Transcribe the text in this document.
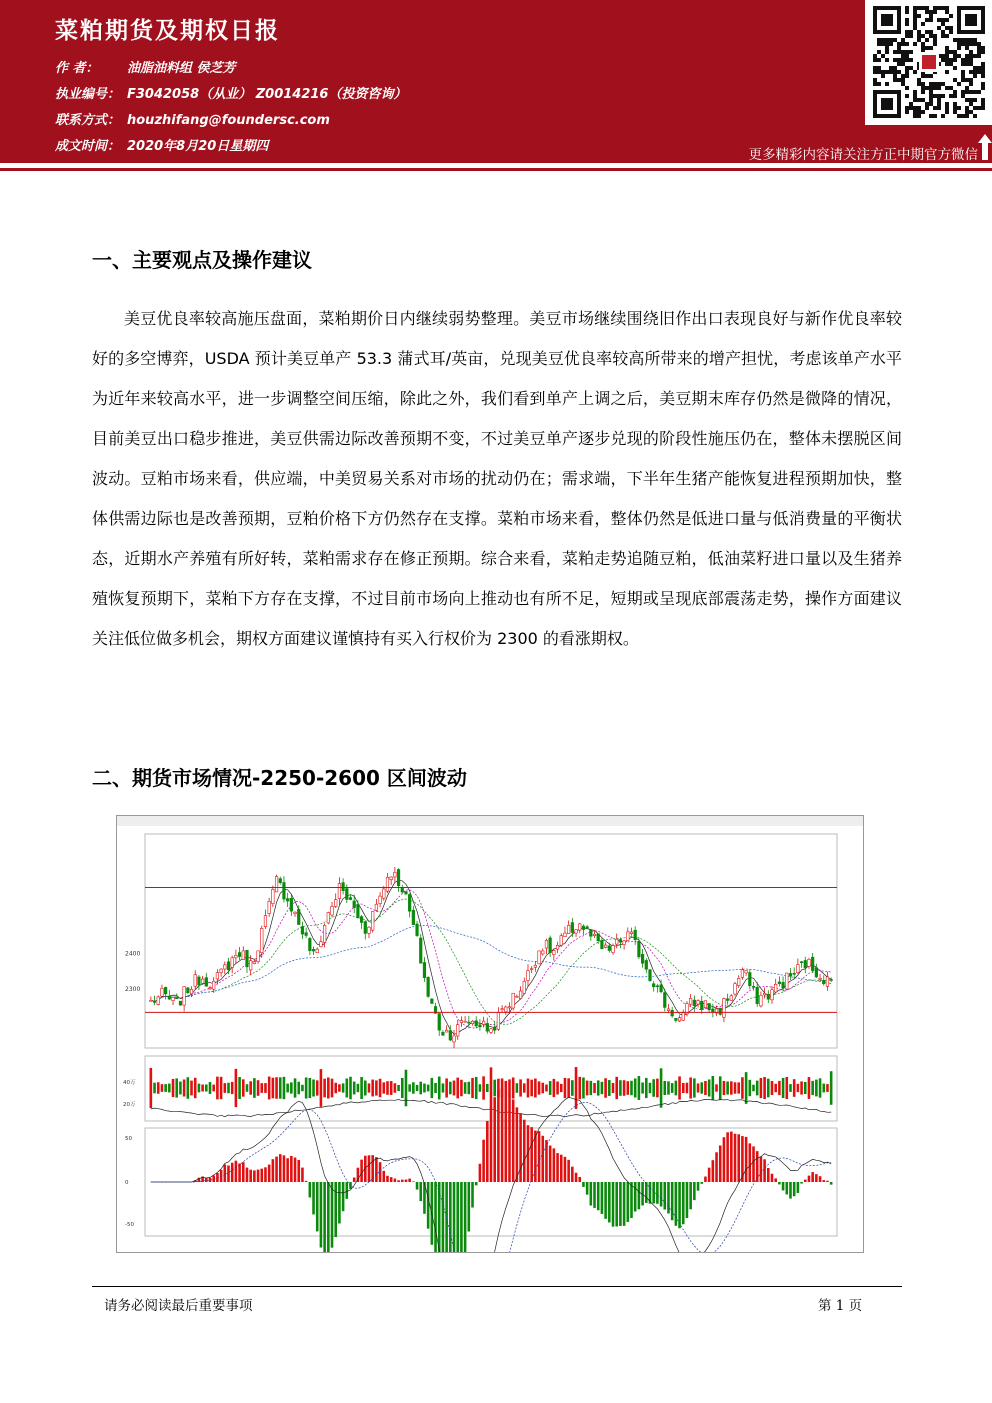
菜粕期货及期权日报
作 者： 油脂油料组 侯芝芳
执业编号： F3042058（从业） Z0014216（投资咨询）
联系方式： houzhifang@foundersc.com
成文时间： 2020年8月20日星期四
更多精彩内容请关注方正中期官方微信
一、主要观点及操作建议

美豆优良率较高施压盘面，菜粕期价日内继续弱势整理。美豆市场继续围绕旧作出口表现良好与新作优良率较好的多空博弈，USDA 预计美豆单产 53.3 蒲式耳/英亩，兑现美豆优良率较高所带来的增产担忧，考虑该单产水平为近年来较高水平，进一步调整空间压缩，除此之外，我们看到单产上调之后，美豆期末库存仍然是微降的情况，目前美豆出口稳步推进，美豆供需边际改善预期不变，不过美豆单产逐步兑现的阶段性施压仍在，整体未摆脱区间波动。豆粕市场来看，供应端，中美贸易关系对市场的扰动仍在；需求端，下半年生猪产能恢复进程预期加快，整体供需边际也是改善预期，豆粕价格下方仍然存在支撑。菜粕市场来看，整体仍然是低进口量与低消费量的平衡状态，近期水产养殖有所好转，菜粕需求存在修正预期。综合来看，菜粕走势追随豆粕，低油菜籽进口量以及生猪养殖恢复预期下，菜粕下方存在支撑，不过目前市场向上推动也有所不足，短期或呈现底部震荡走势，操作方面建议关注低位做多机会，期权方面建议谨慎持有买入行权价为 2300 的看涨期权。

二、期货市场情况-2250-2600 区间波动
2400
2300
40万
20万
50
0
-50
请务必阅读最后重要事项	第 1 页
